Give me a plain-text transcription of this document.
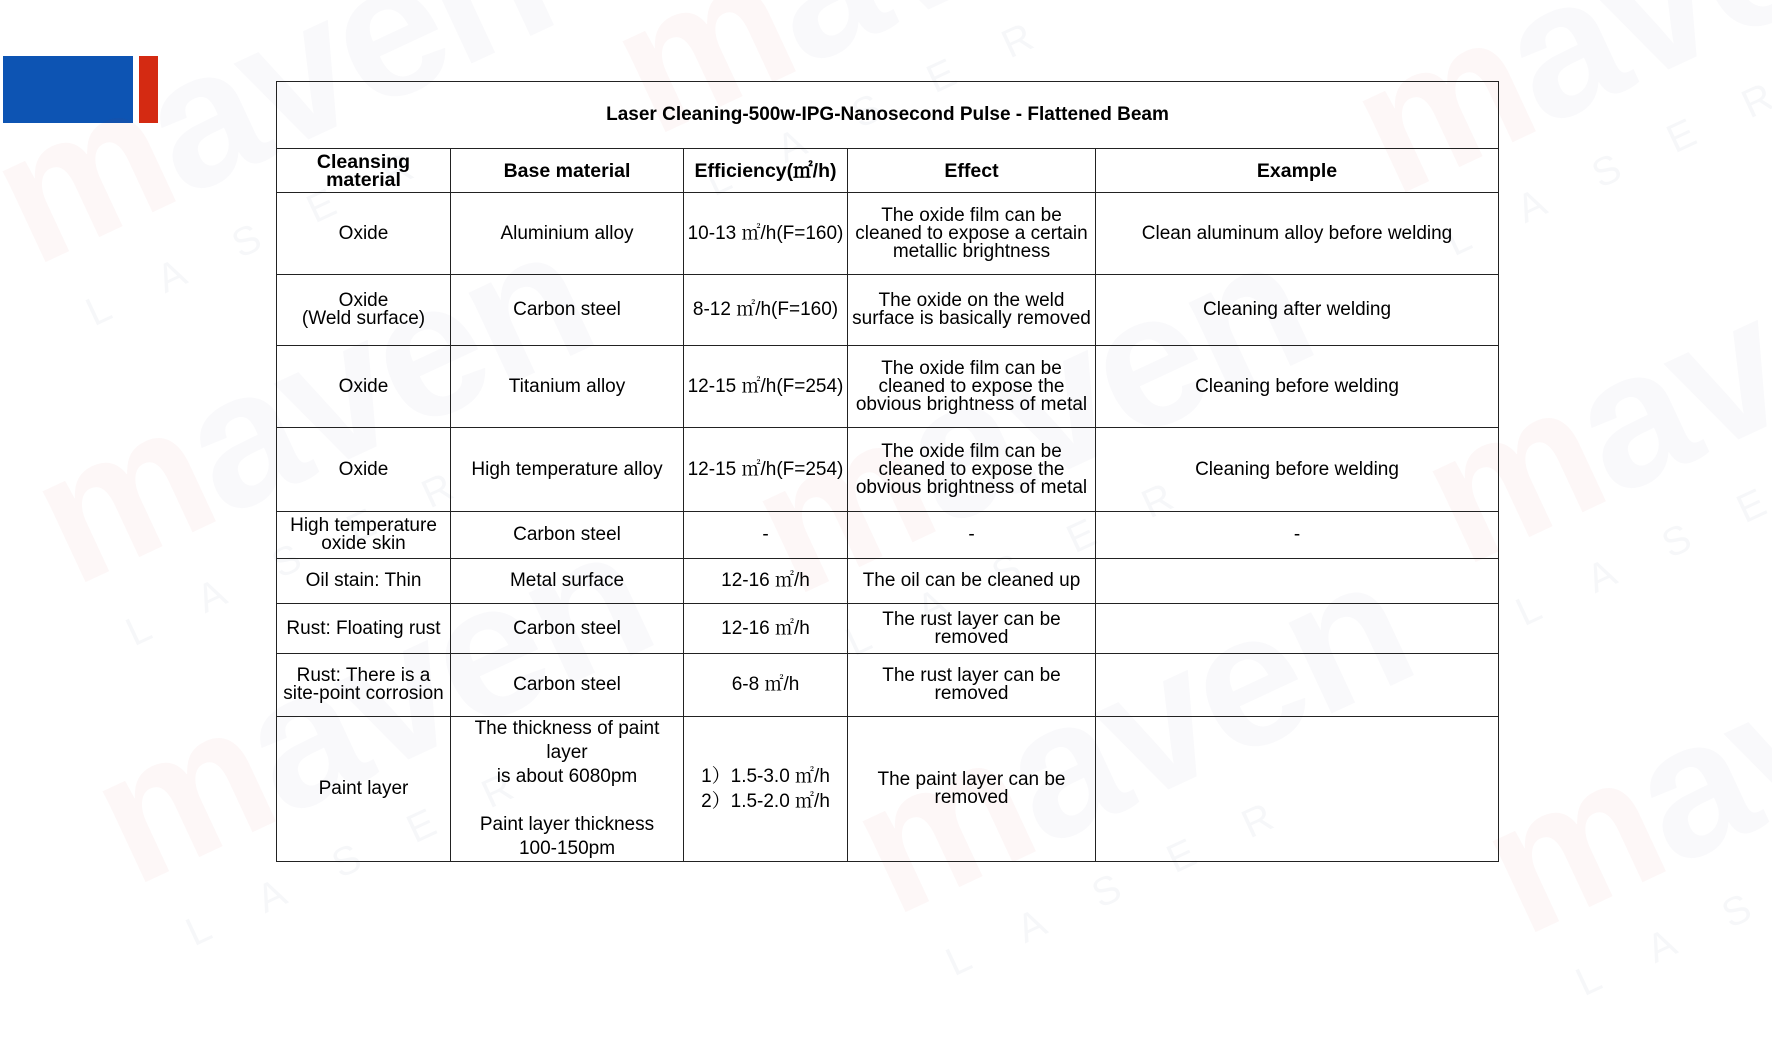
Laser Cleaning-500w-IPG-Nanosecond Pulse - Flattened Beam				
Cleansing material	Base material	Efficiency(㎡/h)	Effect	Example
Oxide	Aluminium alloy	10-13 ㎡/h(F=160)	The oxide film can be
cleaned to expose a certain
metallic brightness	Clean aluminum alloy before welding
Oxide
(Weld surface)	Carbon steel	8-12 ㎡/h(F=160)	The oxide on the weld
surface is basically removed	Cleaning after welding
Oxide	Titanium alloy	12-15 ㎡/h(F=254)	The oxide film can be
cleaned to expose the
obvious brightness of metal	Cleaning before welding
Oxide	High temperature alloy	12-15 ㎡/h(F=254)	The oxide film can be
cleaned to expose the
obvious brightness of metal	Cleaning before welding
High temperature
oxide skin	Carbon steel	-	-	-
Oil stain: Thin	Metal surface	12-16 ㎡/h	The oil can be cleaned up	
Rust: Floating rust	Carbon steel	12-16 ㎡/h	The rust layer can be
removed	
Rust: There is a
site-point corrosion	Carbon steel	6-8 ㎡/h	The rust layer can be
removed	
Paint layer	The thickness of paint layer
is about 6080pm

Paint layer thickness
100-150pm	1）1.5-3.0 ㎡/h
2）1.5-2.0 ㎡/h	The paint layer can be
removed	
